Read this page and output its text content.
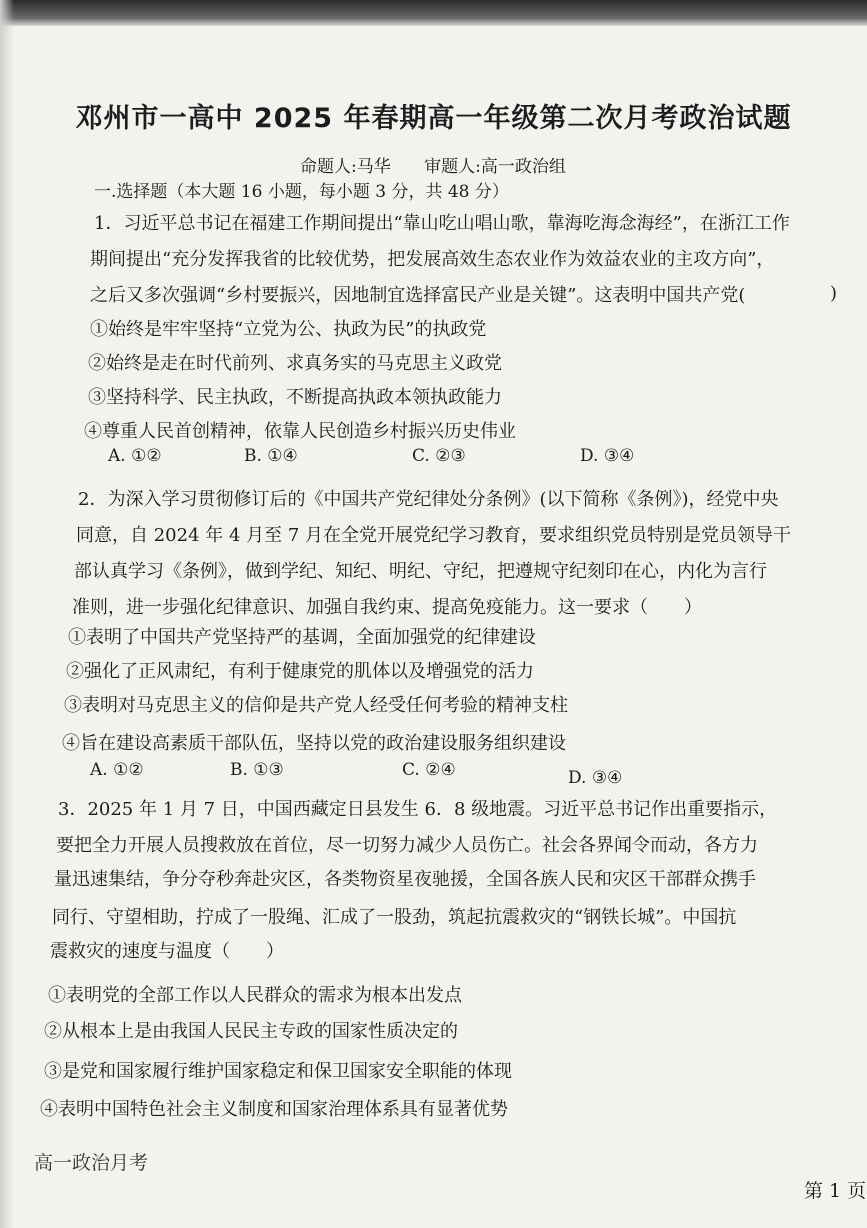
邓州市一高中 2025 年春期高一年级第二次月考政治试题
命题人:马华 审题人:高一政治组
一.选择题（本大题 16 小题，每小题 3 分，共 48 分）
1．习近平总书记在福建工作期间提出“靠山吃山唱山歌，靠海吃海念海经”，在浙江工作
期间提出“充分发挥我省的比较优势，把发展高效生态农业作为效益农业的主攻方向”，
之后又多次强调“乡村要振兴，因地制宜选择富民产业是关键”。这表明中国共产党(	)
①始终是牢牢坚持“立党为公、执政为民”的执政党
②始终是走在时代前列、求真务实的马克思主义政党
③坚持科学、民主执政，不断提高执政本领执政能力
④尊重人民首创精神，依靠人民创造乡村振兴历史伟业
A. ①②	B. ①④	C. ②③	D. ③④
2．为深入学习贯彻修订后的《中国共产党纪律处分条例》(以下简称《条例》)，经党中央
同意，自 2024 年 4 月至 7 月在全党开展党纪学习教育，要求组织党员特别是党员领导干
部认真学习《条例》，做到学纪、知纪、明纪、守纪，把遵规守纪刻印在心，内化为言行
准则，进一步强化纪律意识、加强自我约束、提高免疫能力。这一要求（　　）
①表明了中国共产党坚持严的基调，全面加强党的纪律建设
②强化了正风肃纪，有利于健康党的肌体以及增强党的活力
③表明对马克思主义的信仰是共产党人经受任何考验的精神支柱
④旨在建设高素质干部队伍，坚持以党的政治建设服务组织建设
A. ①②	B. ①③	C. ②④	D. ③④
3．2025 年 1 月 7 日，中国西藏定日县发生 6．8 级地震。习近平总书记作出重要指示，
要把全力开展人员搜救放在首位，尽一切努力减少人员伤亡。社会各界闻令而动，各方力
量迅速集结，争分夺秒奔赴灾区，各类物资星夜驰援，全国各族人民和灾区干部群众携手
同行、守望相助，拧成了一股绳、汇成了一股劲，筑起抗震救灾的“钢铁长城”。中国抗
震救灾的速度与温度（　　）
①表明党的全部工作以人民群众的需求为根本出发点
②从根本上是由我国人民民主专政的国家性质决定的
③是党和国家履行维护国家稳定和保卫国家安全职能的体现
④表明中国特色社会主义制度和国家治理体系具有显著优势
高一政治月考
第 1 页
